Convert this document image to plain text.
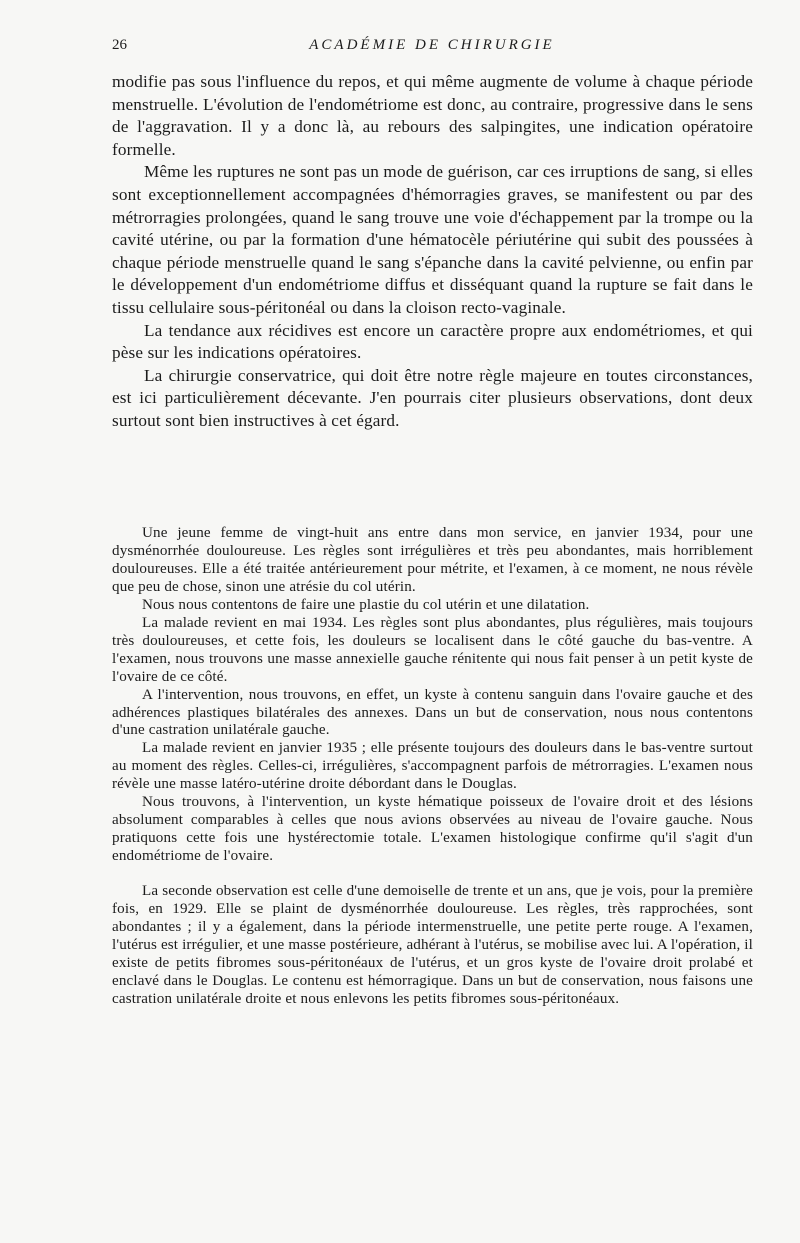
26	ACADÉMIE DE CHIRURGIE

modifie pas sous l'influence du repos, et qui même augmente de volume à chaque période menstruelle. L'évolution de l'endométriome est donc, au contraire, progressive dans le sens de l'aggravation. Il y a donc là, au rebours des salpingites, une indication opératoire formelle.

Même les ruptures ne sont pas un mode de guérison, car ces irruptions de sang, si elles sont exceptionnellement accompagnées d'hémorragies graves, se manifestent ou par des métrorragies prolongées, quand le sang trouve une voie d'échappement par la trompe ou la cavité utérine, ou par la formation d'une hématocèle périutérine qui subit des poussées à chaque période menstruelle quand le sang s'épanche dans la cavité pelvienne, ou enfin par le développement d'un endométriome diffus et disséquant quand la rupture se fait dans le tissu cellulaire sous-péritonéal ou dans la cloison recto-vaginale.

La tendance aux récidives est encore un caractère propre aux endométriomes, et qui pèse sur les indications opératoires.

La chirurgie conservatrice, qui doit être notre règle majeure en toutes circonstances, est ici particulièrement décevante. J'en pourrais citer plusieurs observations, dont deux surtout sont bien instructives à cet égard.

Une jeune femme de vingt-huit ans entre dans mon service, en janvier 1934, pour une dysménorrhée douloureuse. Les règles sont irrégulières et très peu abondantes, mais horriblement douloureuses. Elle a été traitée antérieurement pour métrite, et l'examen, à ce moment, ne nous révèle que peu de chose, sinon une atrésie du col utérin.

Nous nous contentons de faire une plastie du col utérin et une dilatation.

La malade revient en mai 1934. Les règles sont plus abondantes, plus régulières, mais toujours très douloureuses, et cette fois, les douleurs se localisent dans le côté gauche du bas-ventre. A l'examen, nous trouvons une masse annexielle gauche rénitente qui nous fait penser à un petit kyste de l'ovaire de ce côté.

A l'intervention, nous trouvons, en effet, un kyste à contenu sanguin dans l'ovaire gauche et des adhérences plastiques bilatérales des annexes. Dans un but de conservation, nous nous contentons d'une castration unilatérale gauche.

La malade revient en janvier 1935 ; elle présente toujours des douleurs dans le bas-ventre surtout au moment des règles. Celles-ci, irrégulières, s'accompagnent parfois de métrorragies. L'examen nous révèle une masse latéro-utérine droite débordant dans le Douglas.

Nous trouvons, à l'intervention, un kyste hématique poisseux de l'ovaire droit et des lésions absolument comparables à celles que nous avions observées au niveau de l'ovaire gauche. Nous pratiquons cette fois une hystérectomie totale. L'examen histologique confirme qu'il s'agit d'un endométriome de l'ovaire.

La seconde observation est celle d'une demoiselle de trente et un ans, que je vois, pour la première fois, en 1929. Elle se plaint de dysménorrhée douloureuse. Les règles, très rapprochées, sont abondantes ; il y a également, dans la période intermenstruelle, une petite perte rouge. A l'examen, l'utérus est irrégulier, et une masse postérieure, adhérant à l'utérus, se mobilise avec lui. A l'opération, il existe de petits fibromes sous-péritonéaux de l'utérus, et un gros kyste de l'ovaire droit prolabé et enclavé dans le Douglas. Le contenu est hémorragique. Dans un but de conservation, nous faisons une castration unilatérale droite et nous enlevons les petits fibromes sous-péritonéaux.
